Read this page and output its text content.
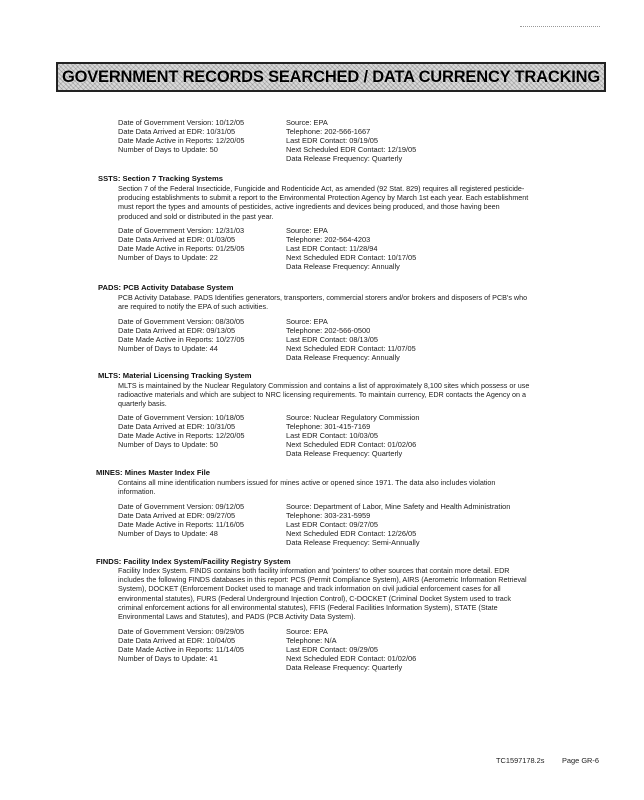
GOVERNMENT RECORDS SEARCHED / DATA CURRENCY TRACKING
Date of Government Version: 10/12/05
Date Data Arrived at EDR: 10/31/05
Date Made Active in Reports: 12/20/05
Number of Days to Update: 50
Source: EPA
Telephone: 202-566-1667
Last EDR Contact: 09/19/05
Next Scheduled EDR Contact: 12/19/05
Data Release Frequency: Quarterly
SSTS: Section 7 Tracking Systems
Section 7 of the Federal Insecticide, Fungicide and Rodenticide Act, as amended (92 Stat. 829) requires all registered pesticide-producing establishments to submit a report to the Environmental Protection Agency by March 1st each year. Each establishment must report the types and amounts of pesticides, active ingredients and devices being produced, and those having been produced and sold or distributed in the past year.
Date of Government Version: 12/31/03
Date Data Arrived at EDR: 01/03/05
Date Made Active in Reports: 01/25/05
Number of Days to Update: 22
Source: EPA
Telephone: 202-564-4203
Last EDR Contact: 11/28/94
Next Scheduled EDR Contact: 10/17/05
Data Release Frequency: Annually
PADS: PCB Activity Database System
PCB Activity Database. PADS Identifies generators, transporters, commercial storers and/or brokers and disposers of PCB's who are required to notify the EPA of such activities.
Date of Government Version: 08/30/05
Date Data Arrived at EDR: 09/13/05
Date Made Active in Reports: 10/27/05
Number of Days to Update: 44
Source: EPA
Telephone: 202-566-0500
Last EDR Contact: 08/13/05
Next Scheduled EDR Contact: 11/07/05
Data Release Frequency: Annually
MLTS: Material Licensing Tracking System
MLTS is maintained by the Nuclear Regulatory Commission and contains a list of approximately 8,100 sites which possess or use radioactive materials and which are subject to NRC licensing requirements. To maintain currency, EDR contacts the Agency on a quarterly basis.
Date of Government Version: 10/18/05
Date Data Arrived at EDR: 10/31/05
Date Made Active in Reports: 12/20/05
Number of Days to Update: 50
Source: Nuclear Regulatory Commission
Telephone: 301-415-7169
Last EDR Contact: 10/03/05
Next Scheduled EDR Contact: 01/02/06
Data Release Frequency: Quarterly
MINES: Mines Master Index File
Contains all mine identification numbers issued for mines active or opened since 1971. The data also includes violation information.
Date of Government Version: 09/12/05
Date Data Arrived at EDR: 09/27/05
Date Made Active in Reports: 11/16/05
Number of Days to Update: 48
Source: Department of Labor, Mine Safety and Health Administration
Telephone: 303-231-5959
Last EDR Contact: 09/27/05
Next Scheduled EDR Contact: 12/26/05
Data Release Frequency: Semi-Annually
FINDS: Facility Index System/Facility Registry System
Facility Index System. FINDS contains both facility information and 'pointers' to other sources that contain more detail. EDR includes the following FINDS databases in this report: PCS (Permit Compliance System), AIRS (Aerometric Information Retrieval System), DOCKET (Enforcement Docket used to manage and track information on civil judicial enforcement cases for all environmental statutes), FURS (Federal Underground Injection Control), C-DOCKET (Criminal Docket System used to track criminal enforcement actions for all environmental statutes), FFIS (Federal Facilities Information System), STATE (State Environmental Laws and Statutes), and PADS (PCB Activity Data System).
Date of Government Version: 09/29/05
Date Data Arrived at EDR: 10/04/05
Date Made Active in Reports: 11/14/05
Number of Days to Update: 41
Source: EPA
Telephone: N/A
Last EDR Contact: 09/29/05
Next Scheduled EDR Contact: 01/02/06
Data Release Frequency: Quarterly
TC1597178.2s Page GR-6
